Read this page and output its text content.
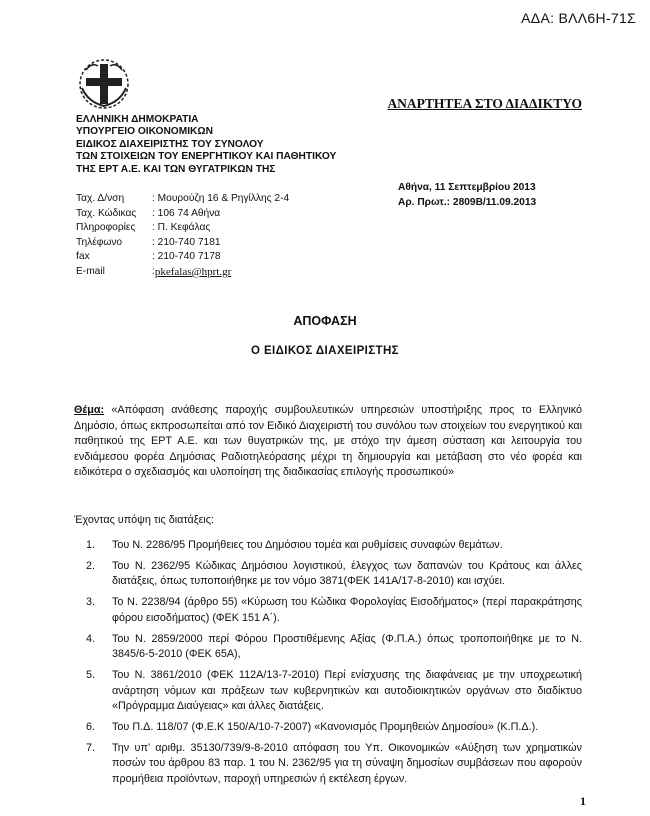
ΑΔΑ: ΒΛΛ6Η-71Σ
ΕΛΛΗΝΙΚΗ ΔΗΜΟΚΡΑΤΙΑ
ΥΠΟΥΡΓΕΙΟ ΟΙΚΟΝΟΜΙΚΩΝ
ΕΙΔΙΚΟΣ ΔΙΑΧΕΙΡΙΣΤΗΣ ΤΟΥ ΣΥΝΟΛΟΥ
ΤΩΝ ΣΤΟΙΧΕΙΩΝ ΤΟΥ ΕΝΕΡΓΗΤΙΚΟΥ ΚΑΙ ΠΑΘΗΤΙΚΟΥ
ΤΗΣ ΕΡΤ Α.Ε. ΚΑΙ ΤΩΝ ΘΥΓΑΤΡΙΚΩΝ ΤΗΣ
ΑΝΑΡΤΗΤΕΑ ΣΤΟ ΔΙΑΔΙΚΤΥΟ
Αθήνα, 11 Σεπτεμβρίου 2013
Αρ. Πρωτ.: 2809Β/11.09.2013
Ταχ. Δ/νση	: Μουρούζη 16 & Ρηγίλλης 2-4
Ταχ. Κώδικας	: 106 74 Αθήνα
Πληροφορίες	: Π. Κεφάλας
Τηλέφωνο	: 210-740 7181
fax	: 210-740 7178
E-mail	: pkefalas@hprt.gr
ΑΠΟΦΑΣΗ
Ο ΕΙΔΙΚΟΣ ΔΙΑΧΕΙΡΙΣΤΗΣ
Θέμα: «Απόφαση ανάθεσης παροχής συμβουλευτικών υπηρεσιών υποστήριξης προς το Ελληνικό Δημόσιο, όπως εκπροσωπείται από τον Ειδικό Διαχειριστή του συνόλου των στοιχείων του ενεργητικού και παθητικού της ΕΡΤ Α.Ε. και των θυγατρικών της, με στόχο την άμεση σύσταση και λειτουργία του ενδιάμεσου φορέα Δημόσιας Ραδιοτηλεόρασης μέχρι τη δημιουργία και μετάβαση στο νέο φορέα και ειδικότερα ο σχεδιασμός και υλοποίηση της διαδικασίας επιλογής προσωπικού»
Έχοντας υπόψη τις διατάξεις:
1.	Του Ν. 2286/95 Προμήθειες του Δημόσιου τομέα και ρυθμίσεις συναφών θεμάτων.
2.	Του Ν. 2362/95 Κώδικας Δημόσιου λογιστικού, έλεγχος των δαπανών του Κράτους και άλλες διατάξεις, όπως τυποποιήθηκε με τον νόμο 3871(ΦΕΚ 141Α/17-8-2010) και ισχύει.
3.	Το Ν. 2238/94 (άρθρο 55) «Κύρωση του Κώδικα Φορολογίας Εισοδήματος» (περί παρακράτησης φόρου εισοδήματος) (ΦΕΚ 151 Α΄).
4.	Του Ν. 2859/2000 περί Φόρου Προστιθέμενης Αξίας (Φ.Π.Α.) όπως τροποποιήθηκε με το Ν. 3845/6-5-2010 (ΦΕΚ 65Α),
5.	Του Ν. 3861/2010 (ΦΕΚ 112Α/13-7-2010) Περί ενίσχυσης της διαφάνειας με την υποχρεωτική ανάρτηση νόμων και πράξεων των κυβερνητικών και αυτοδιοικητικών οργάνων στο διαδίκτυο «Πρόγραμμα Διαύγειας» και άλλες διατάξεις.
6.	Του Π.Δ. 118/07 (Φ.Ε.Κ 150/Α/10-7-2007) «Κανονισμός Προμηθειών Δημοσίου» (Κ.Π.Δ.).
7.	Την υπ’ αριθμ. 35130/739/9-8-2010 απόφαση του Υπ. Οικονομικών «Αύξηση των χρηματικών ποσών του άρθρου 83 παρ. 1 του Ν. 2362/95 για τη σύναψη δημοσίων συμβάσεων που αφορούν προμήθεια προϊόντων, παροχή υπηρεσιών ή εκτέλεση έργων.
1
